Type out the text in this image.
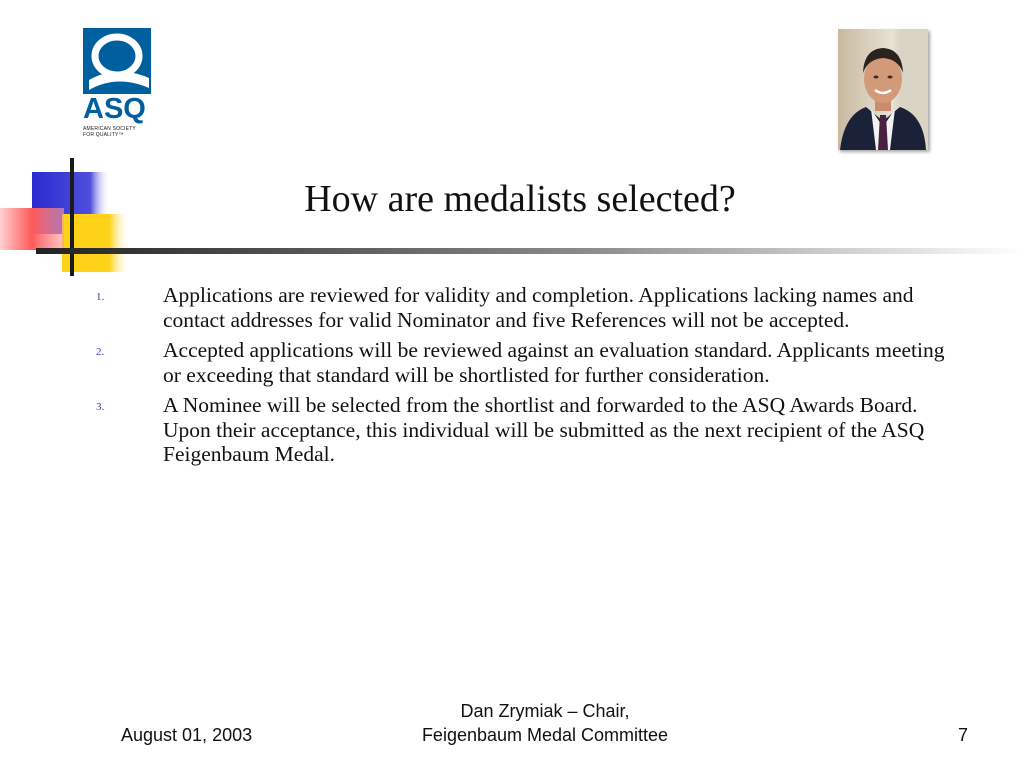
ASQ
AMERICAN SOCIETY
FOR QUALITY™
How are medalists selected?
1.	Applications are reviewed for validity and completion. Applications lacking names and contact addresses for valid Nominator and five References will not be accepted.
2.	Accepted applications will be reviewed against an evaluation standard. Applicants meeting or exceeding that standard will be shortlisted for further consideration.
3.	A Nominee will be selected from the shortlist and forwarded to the ASQ Awards Board. Upon their acceptance, this individual will be submitted as the next recipient of the ASQ Feigenbaum Medal.
August 01, 2003
Dan Zrymiak – Chair,
Feigenbaum Medal Committee	7
